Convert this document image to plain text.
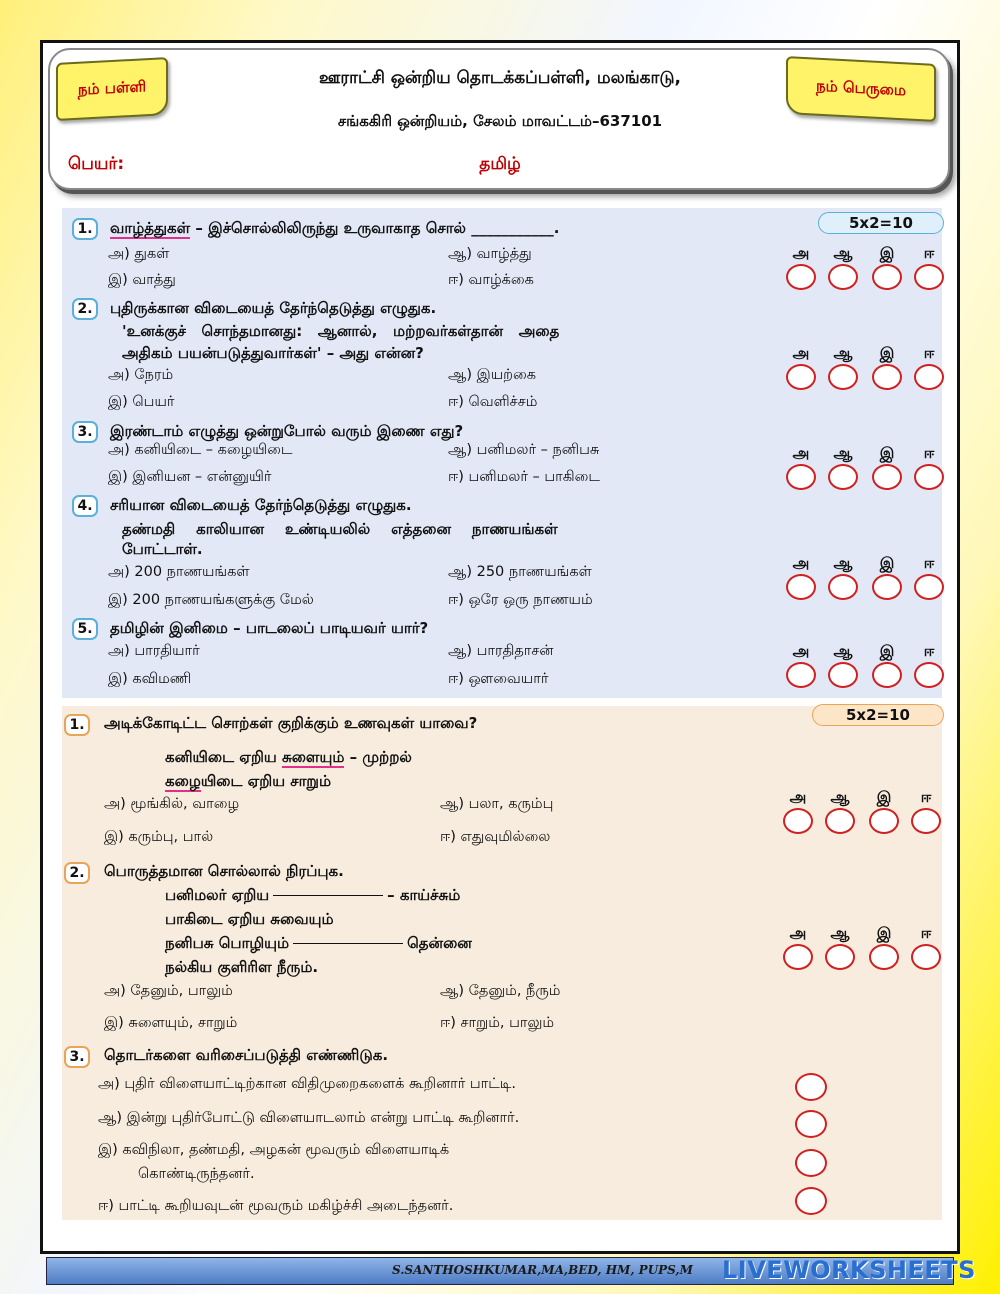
நம் பள்ளி	நம் பெருமை
ஊராட்சி ஒன்றிய தொடக்கப்பள்ளி, மலங்காடு,
சங்ககிரி ஒன்றியம், சேலம் மாவட்டம்–637101
பெயர்:	தமிழ்
5x2=10
1.	வாழ்த்துகள் – இச்சொல்லிலிருந்து உருவாகாத சொல் ___________.
அ) துகள்	ஆ) வாழ்த்து
இ) வாத்து	ஈ) வாழ்க்கை
அ	ஆ	இ	ஈ
2.	புதிருக்கான விடையைத் தேர்ந்தெடுத்து எழுதுக.
'உனக்குச்   சொந்தமானது:   ஆனால்,   மற்றவர்கள்தான்   அதை
அதிகம் பயன்படுத்துவார்கள்' – அது என்ன?
அ) நேரம்	ஆ) இயற்கை
இ) பெயர்	ஈ) வெளிச்சம்
அ	ஆ	இ	ஈ
3.	இரண்டாம் எழுத்து ஒன்றுபோல் வரும் இணை எது?
அ) கனியிடை – கழையிடை	ஆ) பனிமலர் – நனிபசு
இ) இனியன – என்னுயிர்	ஈ) பனிமலர் – பாகிடை
அ	ஆ	இ	ஈ
4.	சரியான விடையைத் தேர்ந்தெடுத்து எழுதுக.
தண்மதி    காலியான    உண்டியலில்    எத்தனை    நாணயங்கள்
போட்டாள்.
அ) 200 நாணயங்கள்	ஆ) 250 நாணயங்கள்
இ) 200 நாணயங்களுக்கு மேல்	ஈ) ஒரே ஒரு நாணயம்
அ	ஆ	இ	ஈ
5.	தமிழின் இனிமை – பாடலைப் பாடியவர் யார்?
அ) பாரதியார்	ஆ) பாரதிதாசன்
இ) கவிமணி	ஈ) ஔவையார்
அ	ஆ	இ	ஈ
5x2=10
1.	அடிக்கோடிட்ட சொற்கள் குறிக்கும் உணவுகள் யாவை?
கனியிடை ஏறிய சுளையும் – முற்றல்
கழையிடை ஏறிய சாறும்
அ) மூங்கில், வாழை	ஆ) பலா, கரும்பு
இ) கரும்பு, பால்	ஈ) எதுவுமில்லை
அ	ஆ	இ	ஈ
2.	பொருத்தமான சொல்லால் நிரப்புக.
பனிமலர் ஏறிய	– காய்ச்சும்
பாகிடை ஏறிய சுவையும்
நனிபசு பொழியும்	தென்னை
நல்கிய குளிரிள நீரும்.
அ) தேனும், பாலும்	ஆ) தேனும், நீரும்
இ) சுளையும், சாறும்	ஈ) சாறும், பாலும்
அ	ஆ	இ	ஈ
3.	தொடர்களை வரிசைப்படுத்தி எண்ணிடுக.
அ) புதிர் விளையாட்டிற்கான விதிமுறைகளைக் கூறினார் பாட்டி.
ஆ) இன்று புதிர்போட்டு விளையாடலாம் என்று பாட்டி கூறினார்.
இ) கவிநிலா, தண்மதி, அழகன் மூவரும் விளையாடிக்
கொண்டிருந்தனர்.
ஈ) பாட்டி கூறியவுடன் மூவரும் மகிழ்ச்சி அடைந்தனர்.
S.SANTHOSHKUMAR,MA,BED, HM, PUPS,M LIVEWORKSHEETS
